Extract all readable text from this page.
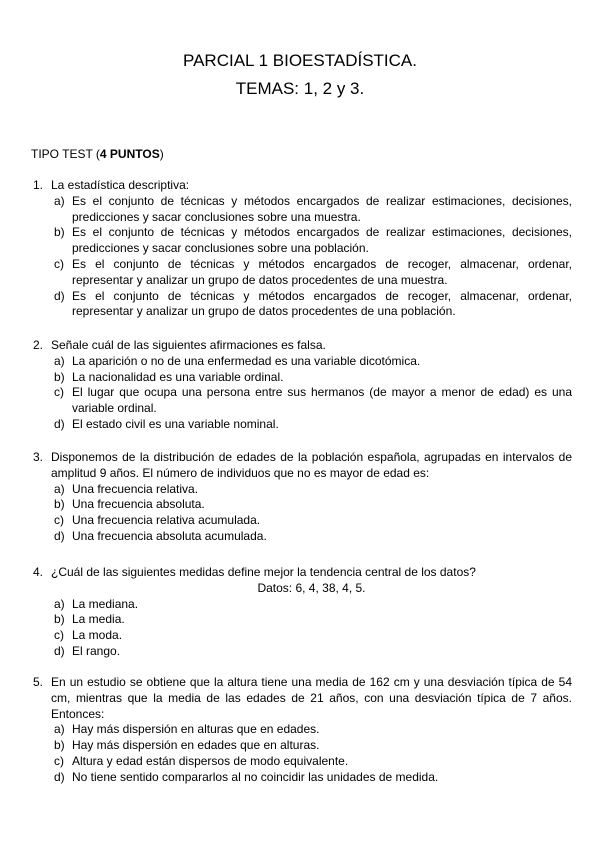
PARCIAL 1 BIOESTADÍSTICA.
TEMAS: 1, 2 y 3.
TIPO TEST (4 PUNTOS)
1. La estadística descriptiva:
a) Es el conjunto de técnicas y métodos encargados de realizar estimaciones, decisiones, predicciones y sacar conclusiones sobre una muestra.
b) Es el conjunto de técnicas y métodos encargados de realizar estimaciones, decisiones, predicciones y sacar conclusiones sobre una población.
c) Es el conjunto de técnicas y métodos encargados de recoger, almacenar, ordenar, representar y analizar un grupo de datos procedentes de una muestra.
d) Es el conjunto de técnicas y métodos encargados de recoger, almacenar, ordenar, representar y analizar un grupo de datos procedentes de una población.
2. Señale cuál de las siguientes afirmaciones es falsa.
a) La aparición o no de una enfermedad es una variable dicotómica.
b) La nacionalidad es una variable ordinal.
c) El lugar que ocupa una persona entre sus hermanos (de mayor a menor de edad) es una variable ordinal.
d) El estado civil es una variable nominal.
3. Disponemos de la distribución de edades de la población española, agrupadas en intervalos de amplitud 9 años. El número de individuos que no es mayor de edad es:
a) Una frecuencia relativa.
b) Una frecuencia absoluta.
c) Una frecuencia relativa acumulada.
d) Una frecuencia absoluta acumulada.
4. ¿Cuál de las siguientes medidas define mejor la tendencia central de los datos?
Datos: 6, 4, 38, 4, 5.
a) La mediana.
b) La media.
c) La moda.
d) El rango.
5. En un estudio se obtiene que la altura tiene una media de 162 cm y una desviación típica de 54 cm, mientras que la media de las edades de 21 años, con una desviación típica de 7 años. Entonces:
a) Hay más dispersión en alturas que en edades.
b) Hay más dispersión en edades que en alturas.
c) Altura y edad están dispersos de modo equivalente.
d) No tiene sentido compararlos al no coincidir las unidades de medida.
